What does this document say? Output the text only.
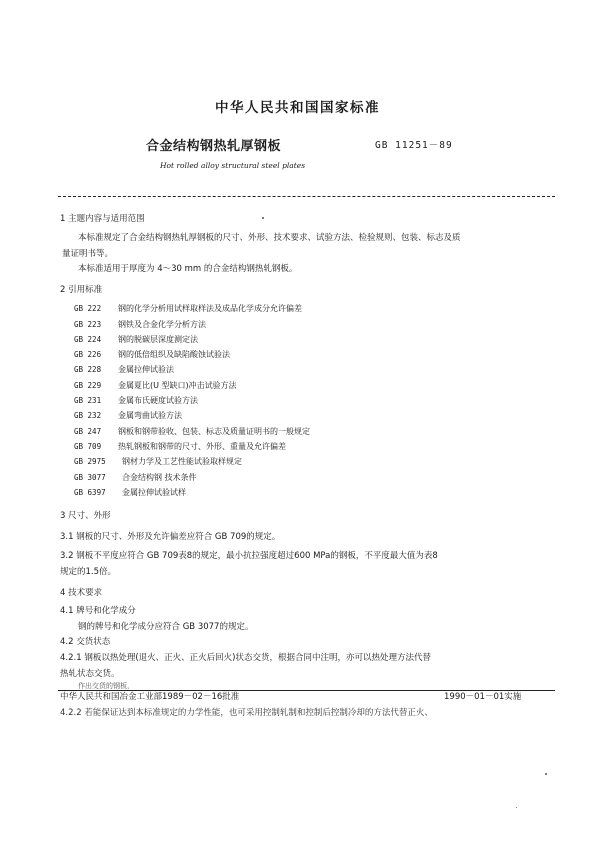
中华人民共和国国家标准
合金结构钢热轧厚钢板	GB 11251－89
Hot rolled alloy structural steel plates
1 主题内容与适用范围
本标准规定了合金结构钢热轧厚钢板的尺寸、外形、技术要求、试验方法、检验规则、包装、标志及质
量证明书等。
本标准适用于厚度为 4～30 mm 的合金结构钢热轧钢板。
2 引用标准
GB 222	钢的化学分析用试样取样法及成品化学成分允许偏差
GB 223	钢铁及合金化学分析方法
GB 224	钢的脱碳层深度测定法
GB 226	钢的低倍组织及缺陷酸蚀试验法
GB 228	金属拉伸试验法
GB 229	金属夏比(U 型缺口)冲击试验方法
GB 231	金属布氏硬度试验方法
GB 232	金属弯曲试验方法
GB 247	钢板和钢带验收、包装、标志及质量证明书的一般规定
GB 709	热轧钢板和钢带的尺寸、外形、重量及允许偏差
GB 2975	钢材力学及工艺性能试验取样规定
GB 3077	合金结构钢 技术条件
GB 6397	金属拉伸试验试样
3 尺寸、外形
3.1 钢板的尺寸、外形及允许偏差应符合 GB 709的规定。
3.2 钢板不平度应符合 GB 709表8的规定，最小抗拉强度超过600 MPa的钢板，不平度最大值为表8
规定的1.5倍。
4 技术要求
4.1 牌号和化学成分
钢的牌号和化学成分应符合 GB 3077的规定。
4.2 交货状态
4.2.1 钢板以热处理(退火、正火、正火后回火)状态交货，根据合同中注明，亦可以热处理方法代替
热轧状态交货。
作出交货的钢板，
中华人民共和国冶金工业部1989－02－16批准	1990－01－01实施
4.2.2 若能保证达到本标准规定的力学性能，也可采用控制轧制和控制后控制冷却的方法代替正火、
